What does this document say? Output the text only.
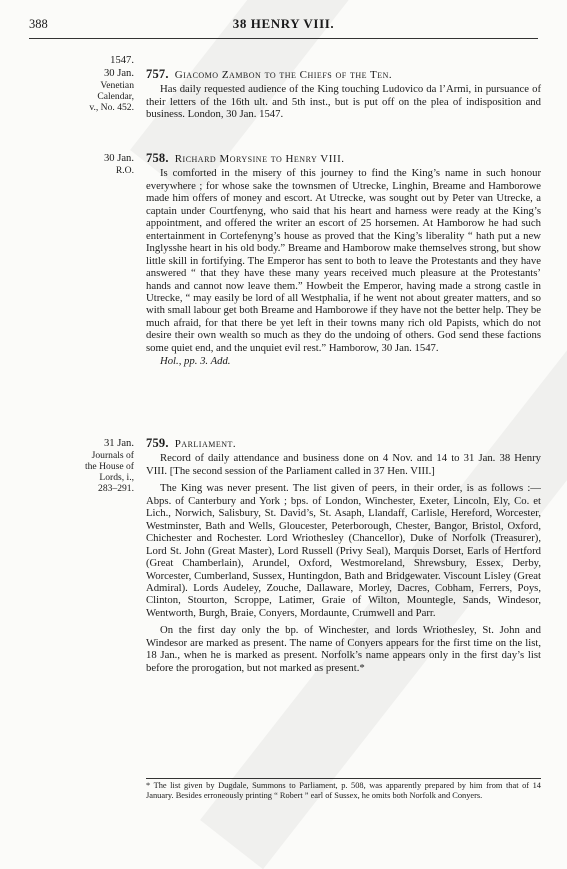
388	38 HENRY VIII.
1547.
30 Jan.
Venetian
Calendar,
v., No. 452.
757. Giacomo Zambon to the Chiefs of the Ten.
Has daily requested audience of the King touching Ludovico da l’Armi, in pursuance of their letters of the 16th ult. and 5th inst., but is put off on the plea of indisposition and business. London, 30 Jan. 1547.
30 Jan.
R.O.
758. Richard Morysine to Henry VIII.
Is comforted in the misery of this journey to find the King’s name in such honour everywhere ; for whose sake the townsmen of Utrecke, Linghin, Breame and Hamborowe made him offers of money and escort. At Utrecke, was sought out by Peter van Utrecke, a captain under Courtfenyng, who said that his heart and harness were ready at the King’s appointment, and offered the writer an escort of 25 horsemen. At Hamborow he had such entertainment in Cortefenyng’s house as proved that the King’s liberality “ hath put a new Inglysshe heart in his old body.” Breame and Hamborow make themselves strong, but show little skill in fortifying. The Emperor has sent to both to leave the Protestants and they have answered “ that they have these many years received much pleasure at the Protestants’ hands and cannot now leave them.” Howbeit the Emperor, having made a strong castle in Utrecke, “ may easily be lord of all Westphalia, if he went not about greater matters, and so with small labour get both Breame and Hamborowe if they have not the better help. They be much afraid, for that there be yet left in their towns many rich old Papists, which do not desire their own wealth so much as they do the undoing of others. God send these factions some quiet end, and the unquiet evil rest.” Hamborow, 30 Jan. 1547.
Hol., pp. 3. Add.
31 Jan.
Journals of
the House of
Lords, i.,
283–291.
759. Parliament.
Record of daily attendance and business done on 4 Nov. and 14 to 31 Jan. 38 Henry VIII. [The second session of the Parliament called in 37 Hen. VIII.]
The King was never present. The list given of peers, in their order, is as follows :—Abps. of Canterbury and York ; bps. of London, Winchester, Exeter, Lincoln, Ely, Co. et Lich., Norwich, Salisbury, St. David’s, St. Asaph, Llandaff, Carlisle, Hereford, Worcester, Westminster, Bath and Wells, Gloucester, Peterborough, Chester, Bangor, Bristol, Oxford, Chichester and Rochester. Lord Wriothesley (Chancellor), Duke of Norfolk (Treasurer), Lord St. John (Great Master), Lord Russell (Privy Seal), Marquis Dorset, Earls of Hertford (Great Chamberlain), Arundel, Oxford, Westmoreland, Shrewsbury, Essex, Derby, Worcester, Cumberland, Sussex, Huntingdon, Bath and Bridgewater. Viscount Lisley (Great Admiral). Lords Audeley, Zouche, Dallaware, Morley, Dacres, Cobham, Ferrers, Poys, Clinton, Stourton, Scroppe, Latimer, Graie of Wilton, Mountegle, Sands, Windesor, Wentworth, Burgh, Braie, Conyers, Mordaunte, Crumwell and Parr.
On the first day only the bp. of Winchester, and lords Wriothesley, St. John and Windesor are marked as present. The name of Conyers appears for the first time on the list, 18 Jan., when he is marked as present. Norfolk’s name appears only in the first day’s list before the prorogation, but not marked as present.*
* The list given by Dugdale, Summons to Parliament, p. 508, was apparently prepared by him from that of 14 January. Besides erroneously printing “ Robert ” earl of Sussex, he omits both Norfolk and Conyers.
